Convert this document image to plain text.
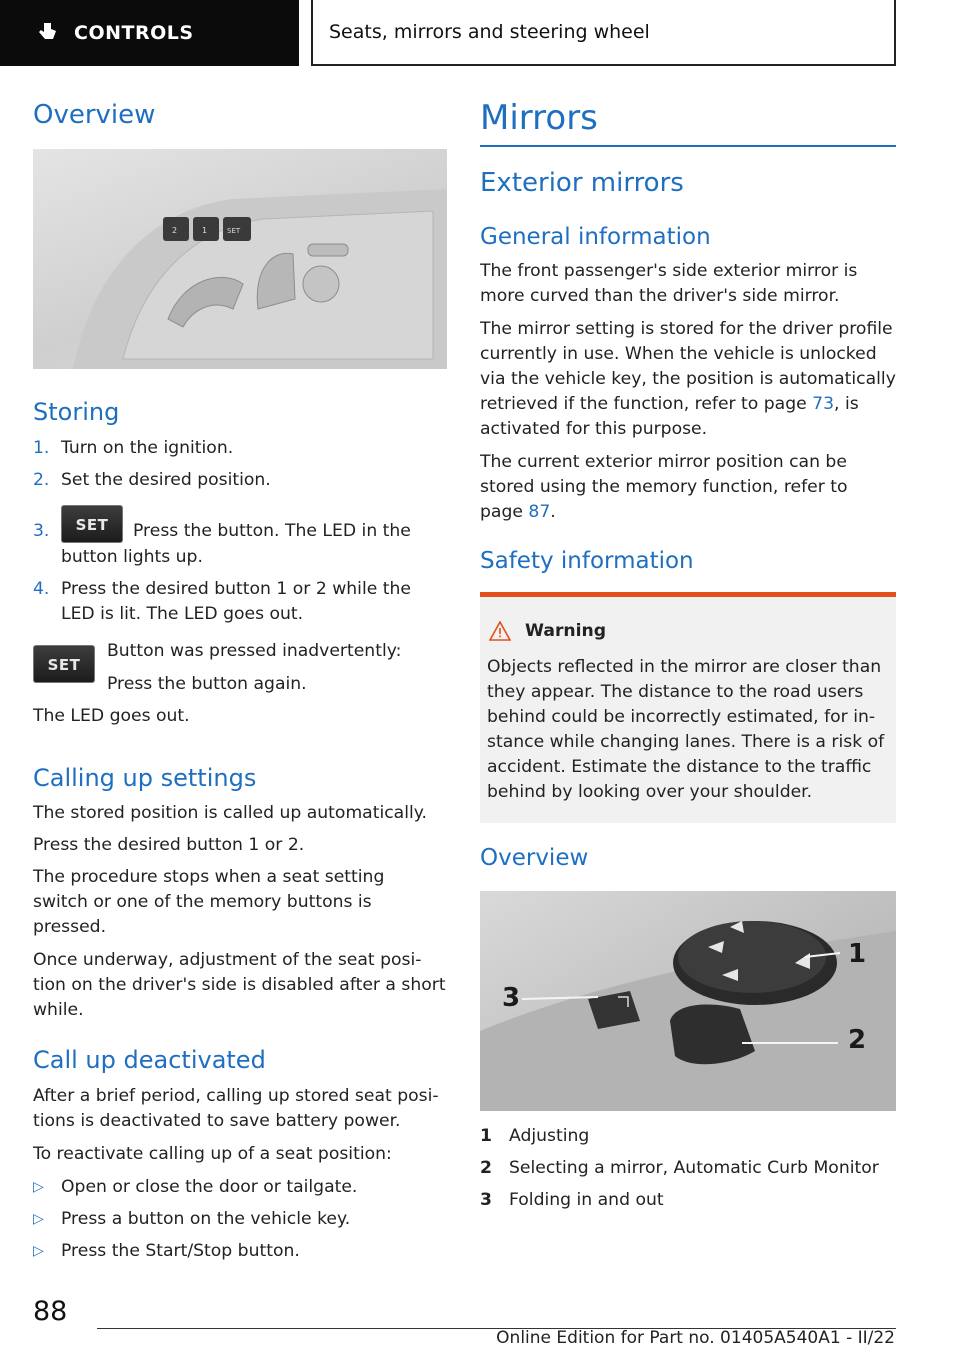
CONTROLS	Seats, mirrors and steering wheel
Overview
2	1	SET
Storing
1. Turn on the ignition.
2. Set the desired position.
3.	SET	Press the button. The LED in the
button lights up.
4. Press the desired button 1 or 2 while the LED is lit. The LED goes out.
SET
Button was pressed inadvertently:
Press the button again.
The LED goes out.
Calling up settings
The stored position is called up automatically.
Press the desired button 1 or 2.
The procedure stops when a seat setting switch or one of the memory buttons is pressed.
Once underway, adjustment of the seat position on the driver's side is disabled after a short while.
Call up deactivated
After a brief period, calling up stored seat positions is deactivated to save battery power.
To reactivate calling up of a seat position:
▷ Open or close the door or tailgate.
▷ Press a button on the vehicle key.
▷ Press the Start/Stop button.
Mirrors
Exterior mirrors
General information
The front passenger's side exterior mirror is more curved than the driver's side mirror.
The mirror setting is stored for the driver profile currently in use. When the vehicle is unlocked via the vehicle key, the position is automatically retrieved if the function, refer to page 73, is activated for this purpose.
The current exterior mirror position can be stored using the memory function, refer to page 87.
Safety information
Warning
Objects reflected in the mirror are closer than they appear. The distance to the road users behind could be incorrectly estimated, for instance while changing lanes. There is a risk of accident. Estimate the distance to the traffic behind by looking over your shoulder.
Overview
1
2
3
1 Adjusting
2 Selecting a mirror, Automatic Curb Monitor
3 Folding in and out
88
Online Edition for Part no. 01405A540A1 - II/22
